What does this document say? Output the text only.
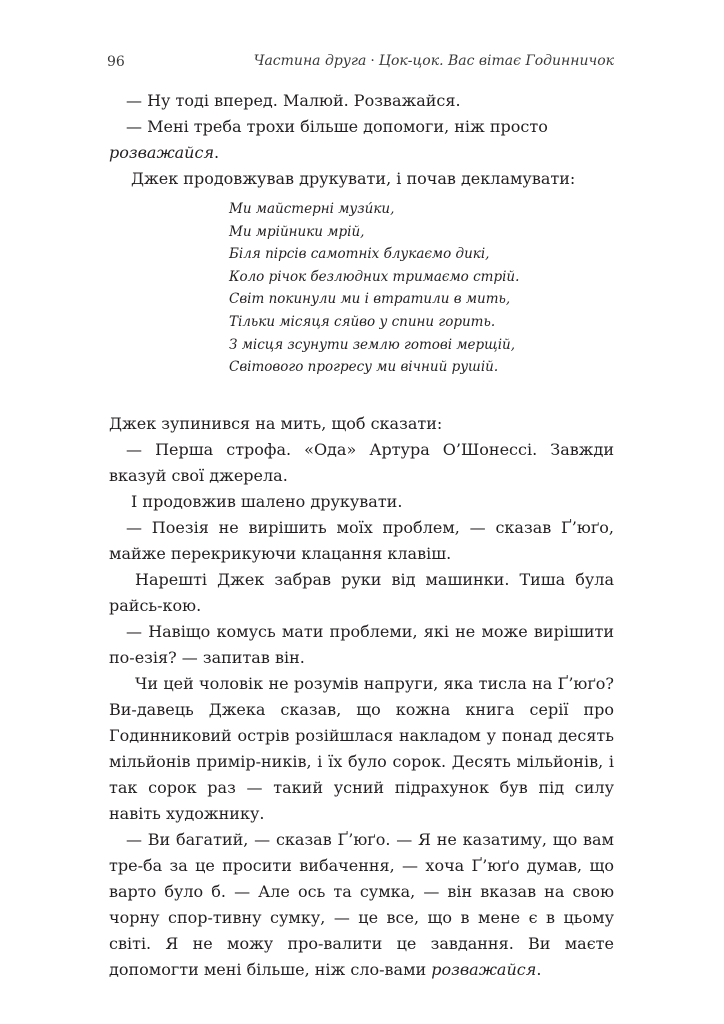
96	Частина друга · Цок-цок. Вас вітає Годинничок

— Ну тоді вперед. Малюй. Розважайся.

— Мені треба трохи більше допомоги, ніж просто розважайся.

Джек продовжував друкувати, і почав декламувати:

Ми майстерні музи́ки,
Ми мрійники мрій,
Біля пірсів самотніх блукаємо дикі,
Коло річок безлюдних тримаємо стрій.
Світ покинули ми і втратили в мить,
Тільки місяця сяйво у спини горить.
З місця зсунути землю готові мерщій,
Світового прогресу ми вічний рушій.

Джек зупинився на мить, щоб сказати:

— Перша строфа. «Ода» Артура О’Шонессі. Завжди вказуй свої джерела.

І продовжив шалено друкувати.

— Поезія не вирішить моїх проблем, — сказав Ґ’юґо, майже перекрикуючи клацання клавіш.

Нарешті Джек забрав руки від машинки. Тиша була райсь-кою.

— Навіщо комусь мати проблеми, які не може вирішити по-езія? — запитав він.

Чи цей чоловік не розумів напруги, яка тисла на Ґ’юґо? Ви-давець Джека сказав, що кожна книга серії про Годинниковий острів розійшлася накладом у понад десять мільйонів примір-ників, і їх було сорок. Десять мільйонів, і так сорок раз — такий усний підрахунок був під силу навіть художнику.

— Ви багатий, — сказав Ґ’юґо. — Я не казатиму, що вам тре-ба за це просити вибачення, — хоча Ґ’юґо думав, що варто було б. — Але ось та сумка, — він вказав на свою чорну спор-тивну сумку, — це все, що в мене є в цьому світі. Я не можу про-валити це завдання. Ви маєте допомогти мені більше, ніж сло-вами розважайся.
